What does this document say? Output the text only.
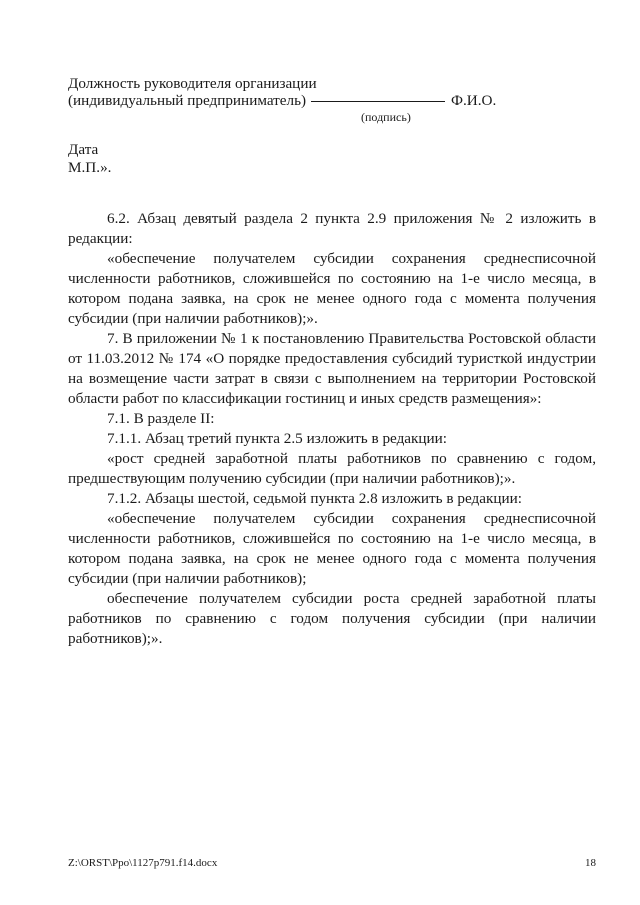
Должность руководителя организации
(индивидуальный предприниматель)	Ф.И.О.
(подпись)
Дата
М.П.».
6.2. Абзац девятый раздела 2 пункта 2.9 приложения № 2 изложить в
редакции:
«обеспечение получателем субсидии сохранения среднесписочной
численности работников, сложившейся по состоянию на 1-е число месяца, в
котором подана заявка, на срок не менее одного года с момента получения
субсидии (при наличии работников);».
7. В приложении № 1 к постановлению Правительства Ростовской области
от 11.03.2012 № 174 «О порядке предоставления субсидий туристкой индустрии
на возмещение части затрат в связи с выполнением на территории Ростовской
области работ по классификации гостиниц и иных средств размещения»:
7.1. В разделе II:
7.1.1. Абзац третий пункта 2.5 изложить в редакции:
«рост средней заработной платы работников по сравнению с годом,
предшествующим получению субсидии (при наличии работников);».
7.1.2. Абзацы шестой, седьмой пункта 2.8 изложить в редакции:
«обеспечение получателем субсидии сохранения среднесписочной
численности работников, сложившейся по состоянию на 1-е число месяца, в
котором подана заявка, на срок не менее одного года с момента получения
субсидии (при наличии работников);
обеспечение получателем субсидии роста средней заработной платы
работников по сравнению с годом получения субсидии (при наличии
работников);».
Z:\ORST\Ppo\1127p791.f14.docx	18
